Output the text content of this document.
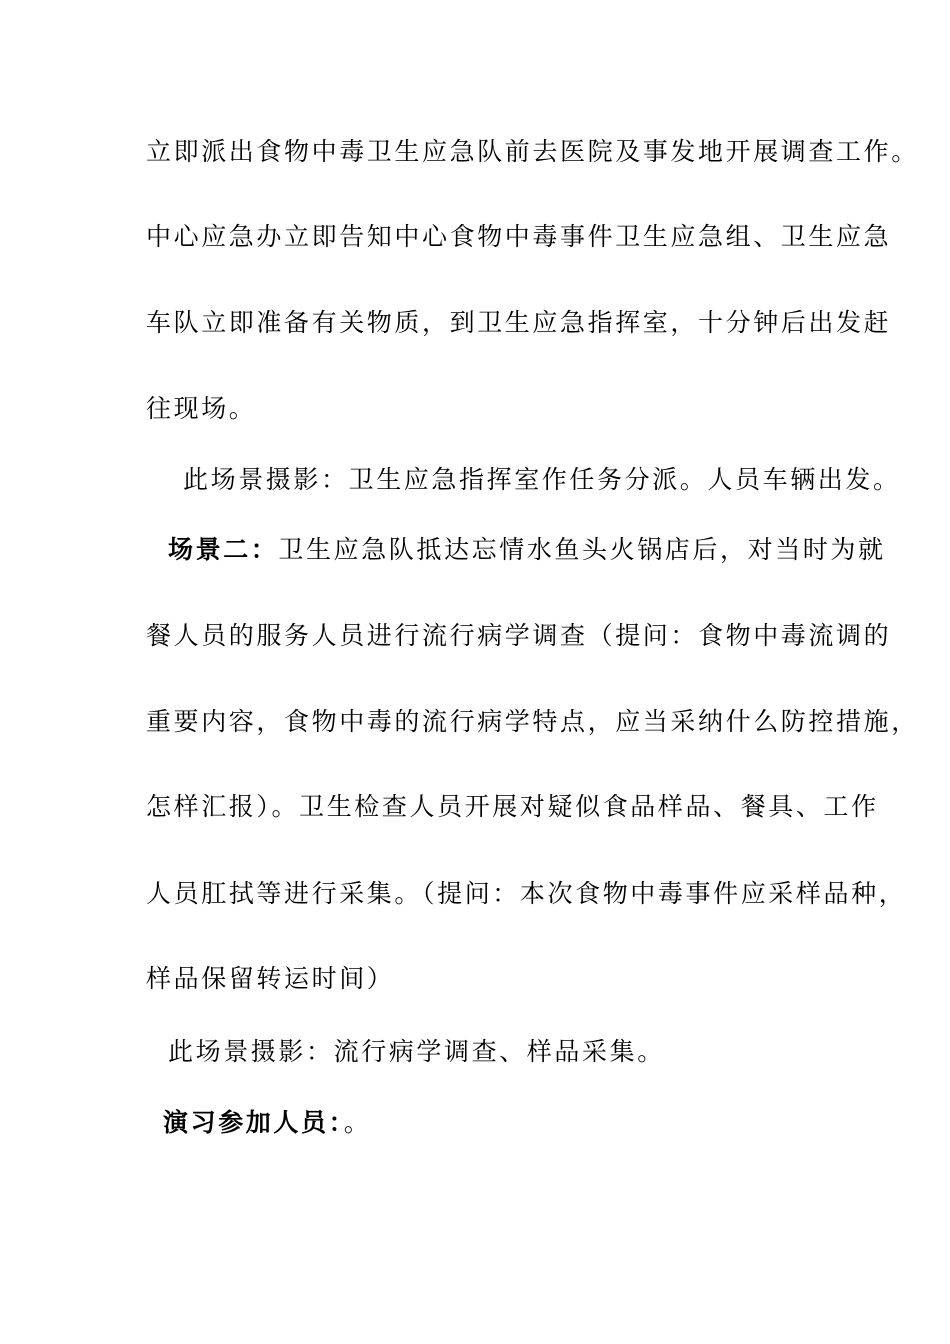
立即派出食物中毒卫生应急队前去医院及事发地开展调查工作。
中心应急办立即告知中心食物中毒事件卫生应急组、卫生应急
车队立即准备有关物质，到卫生应急指挥室，十分钟后出发赶
往现场。
此场景摄影：卫生应急指挥室作任务分派。人员车辆出发。
场景二：卫生应急队抵达忘情水鱼头火锅店后，对当时为就
餐人员的服务人员进行流行病学调查（提问：食物中毒流调的
重要内容，食物中毒的流行病学特点，应当采纳什么防控措施，
怎样汇报）。卫生检查人员开展对疑似食品样品、餐具、工作
人员肛拭等进行采集。（提问：本次食物中毒事件应采样品种，
样品保留转运时间）
此场景摄影：流行病学调查、样品采集。
演习参加人员：。
